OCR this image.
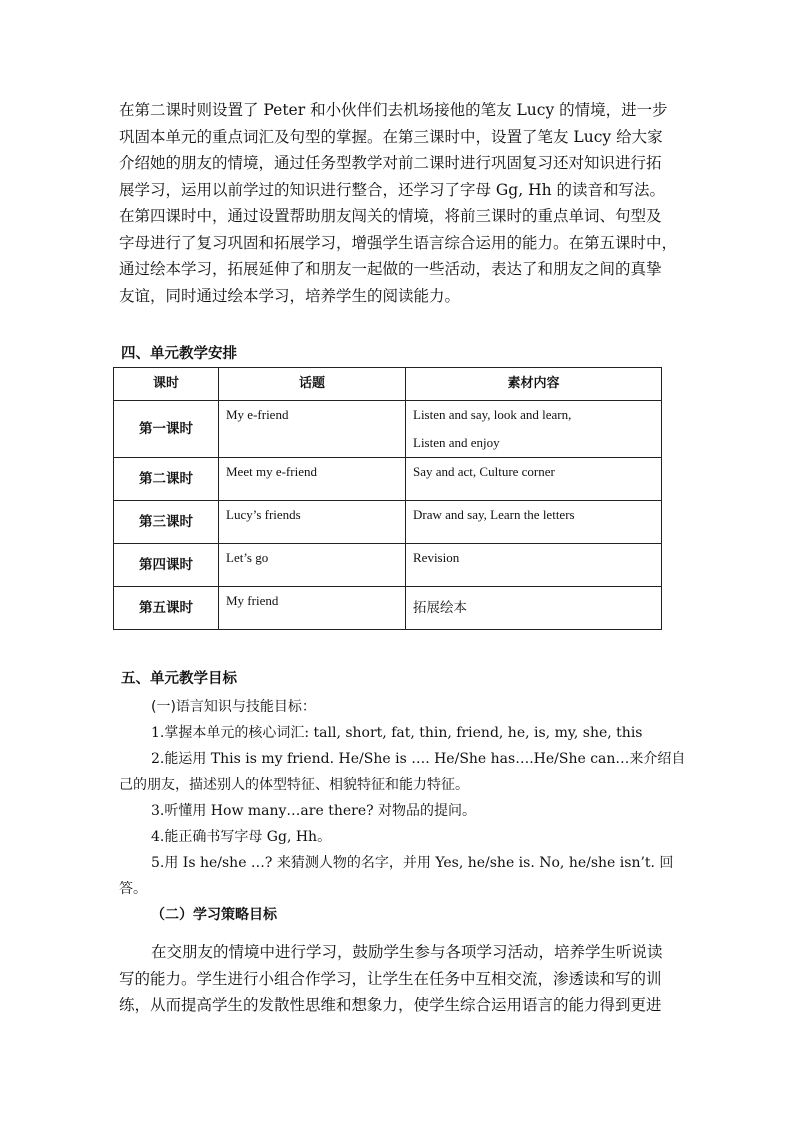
在第二课时则设置了 Peter 和小伙伴们去机场接他的笔友 Lucy 的情境，进一步
巩固本单元的重点词汇及句型的掌握。在第三课时中，设置了笔友 Lucy 给大家
介绍她的朋友的情境，通过任务型教学对前二课时进行巩固复习还对知识进行拓
展学习，运用以前学过的知识进行整合，还学习了字母 Gg, Hh 的读音和写法。
在第四课时中，通过设置帮助朋友闯关的情境，将前三课时的重点单词、句型及
字母进行了复习巩固和拓展学习，增强学生语言综合运用的能力。在第五课时中，
通过绘本学习，拓展延伸了和朋友一起做的一些活动，表达了和朋友之间的真挚
友谊，同时通过绘本学习，培养学生的阅读能力。
四、单元教学安排
课时	话题	素材内容
第一课时	My e-friend	Listen and say, look and learn,
Listen and enjoy

第二课时	Meet my e-friend	Say and act, Culture corner
第三课时	Lucy’s friends	Draw and say, Learn the letters
第四课时	Let’s go	Revision
第五课时	My friend	拓展绘本
五、单元教学目标
(一)语言知识与技能目标：
1.掌握本单元的核心词汇: tall, short, fat, thin, friend, he, is, my, she, this
2.能运用 This is my friend. He/She is …. He/She has….He/She can…来介绍自
己的朋友，描述别人的体型特征、相貌特征和能力特征。
3.听懂用 How many…are there? 对物品的提问。
4.能正确书写字母 Gg, Hh。
5.用 Is he/she …? 来猜测人物的名字，并用 Yes, he/she is. No, he/she isn’t. 回
答。
（二）学习策略目标
在交朋友的情境中进行学习，鼓励学生参与各项学习活动，培养学生听说读
写的能力。学生进行小组合作学习，让学生在任务中互相交流，渗透读和写的训
练，从而提高学生的发散性思维和想象力，使学生综合运用语言的能力得到更进
